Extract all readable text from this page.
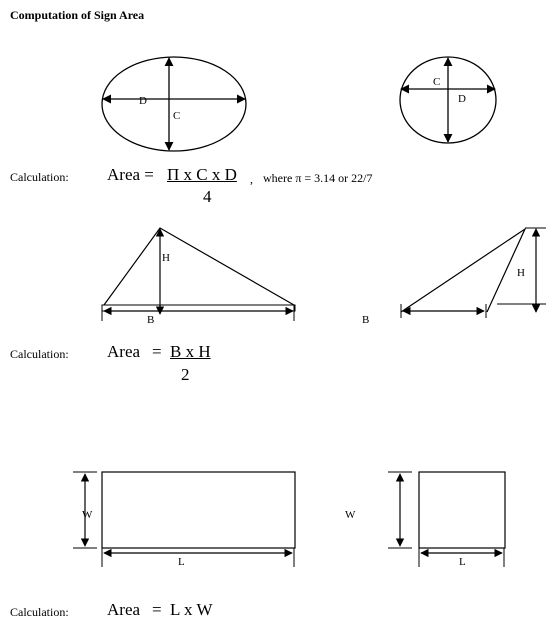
Computation of Sign Area
D
C
C
D
H
B
H
B
W
L
W
L
Calculation: Area = Π x C x D , where π = 3.14 or 22/7
4
Calculation: Area = B x H
2
Calculation: Area = L x W
